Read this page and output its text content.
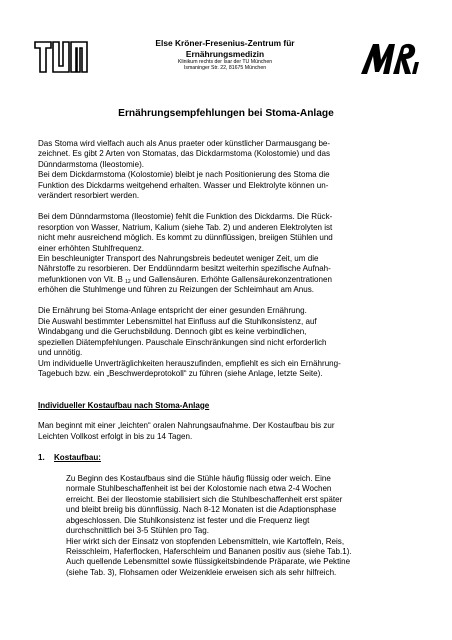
Else Kröner-Fresenius-Zentrum für
Ernährungsmedizin
Klinikum rechts der Isar der TU München
Ismaninger Str. 22, 81675 München
Ernährungsempfehlungen bei Stoma-Anlage

Das Stoma wird vielfach auch als Anus praeter oder künstlicher Darmausgang be-

zeichnet. Es gibt 2 Arten von Stomatas, das Dickdarmstoma (Kolostomie) und das

Dünndarmstoma (Ileostomie).

Bei dem Dickdarmstoma (Kolostomie) bleibt je nach Positionierung des Stoma die

Funktion des Dickdarms weitgehend erhalten. Wasser und Elektrolyte können un-

verändert resorbiert werden.

Bei dem Dünndarmstoma (Ileostomie) fehlt die Funktion des Dickdarms. Die Rück-

resorption von Wasser, Natrium, Kalium (siehe Tab. 2) und anderen Elektrolyten ist

nicht mehr ausreichend möglich. Es kommt zu dünnflüssigen, breiigen Stühlen und

einer erhöhten Stuhlfrequenz.

Ein beschleunigter Transport des Nahrungsbreis bedeutet weniger Zeit, um die

Nährstoffe zu resorbieren. Der Enddünndarm besitzt weiterhin spezifische Aufnah-

mefunktionen von Vit. B $_{12}$ und Gallensäuren. Erhöhte Gallensäurekonzentrationen

erhöhen die Stuhlmenge und führen zu Reizungen der Schleimhaut am Anus.

Die Ernährung bei Stoma-Anlage entspricht der einer gesunden Ernährung.

Die Auswahl bestimmter Lebensmittel hat Einfluss auf die Stuhlkonsistenz, auf

Windabgang und die Geruchsbildung. Dennoch gibt es keine verbindlichen,

speziellen Diätempfehlungen. Pauschale Einschränkungen sind nicht erforderlich

und unnötig.

Um individuelle Unverträglichkeiten herauszufinden, empfiehlt es sich ein Ernährung-

Tagebuch bzw. ein „Beschwerdeprotokoll“ zu führen (siehe Anlage, letzte Seite).

Individueller Kostaufbau nach Stoma-Anlage

Man beginnt mit einer „leichten“ oralen Nahrungsaufnahme. Der Kostaufbau bis zur

Leichten Vollkost erfolgt in bis zu 14 Tagen.

1.	Kostaufbau:

Zu Beginn des Kostaufbaus sind die Stühle häufig flüssig oder weich. Eine

normale Stuhlbeschaffenheit ist bei der Kolostomie nach etwa 2-4 Wochen

erreicht. Bei der Ileostomie stabilisiert sich die Stuhlbeschaffenheit erst später

und bleibt breiig bis dünnflüssig. Nach 8-12 Monaten ist die Adaptionsphase

abgeschlossen. Die Stuhlkonsistenz ist fester und die Frequenz liegt

durchschnittlich bei 3-5 Stühlen pro Tag.

Hier wirkt sich der Einsatz von stopfenden Lebensmitteln, wie Kartoffeln, Reis,

Reisschleim, Haferflocken, Haferschleim und Bananen positiv aus (siehe Tab.1).

Auch quellende Lebensmittel sowie flüssigkeitsbindende Präparate, wie Pektine

(siehe Tab. 3), Flohsamen oder Weizenkleie erweisen sich als sehr hilfreich.
